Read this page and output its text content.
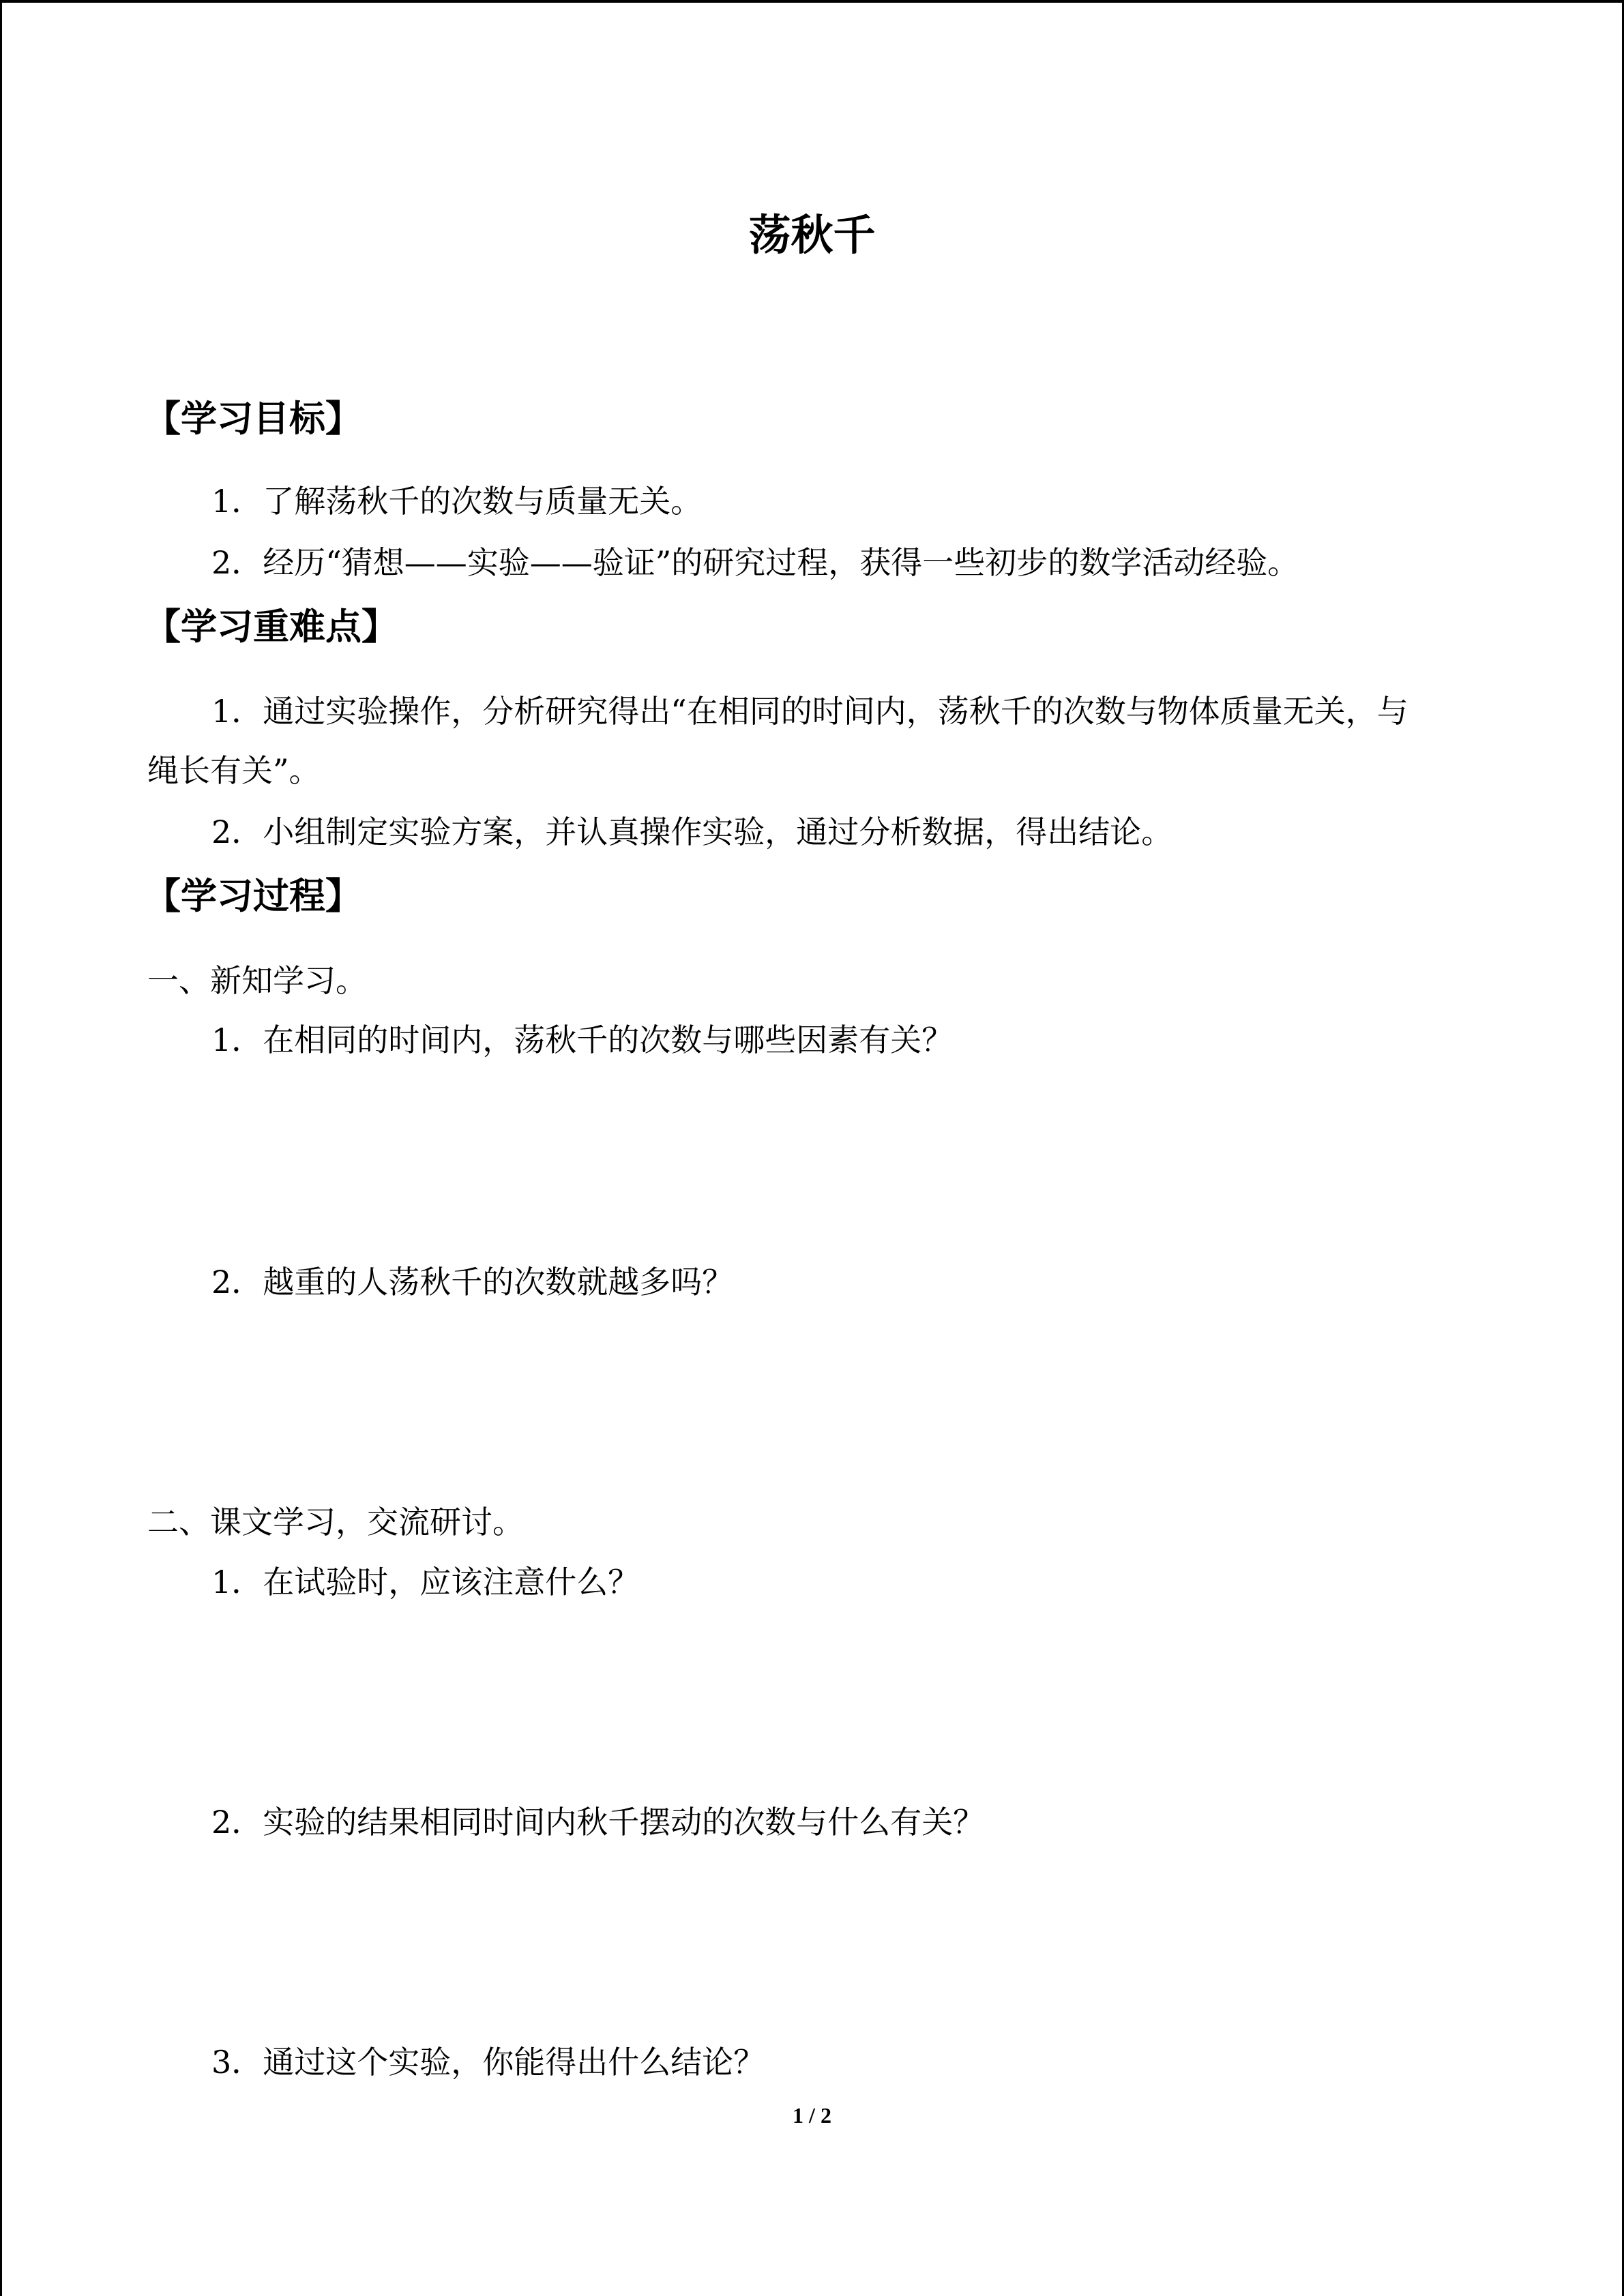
荡秋千
【学习目标】
1．了解荡秋千的次数与质量无关。
2．经历“猜想——实验——验证”的研究过程，获得一些初步的数学活动经验。
【学习重难点】
1．通过实验操作，分析研究得出“在相同的时间内，荡秋千的次数与物体质量无关，与
绳长有关”。
2．小组制定实验方案，并认真操作实验，通过分析数据，得出结论。
【学习过程】
一、新知学习。
1．在相同的时间内，荡秋千的次数与哪些因素有关？
2．越重的人荡秋千的次数就越多吗？
二、课文学习，交流研讨。
1．在试验时，应该注意什么？
2．实验的结果相同时间内秋千摆动的次数与什么有关？
3．通过这个实验，你能得出什么结论？
1 / 2
